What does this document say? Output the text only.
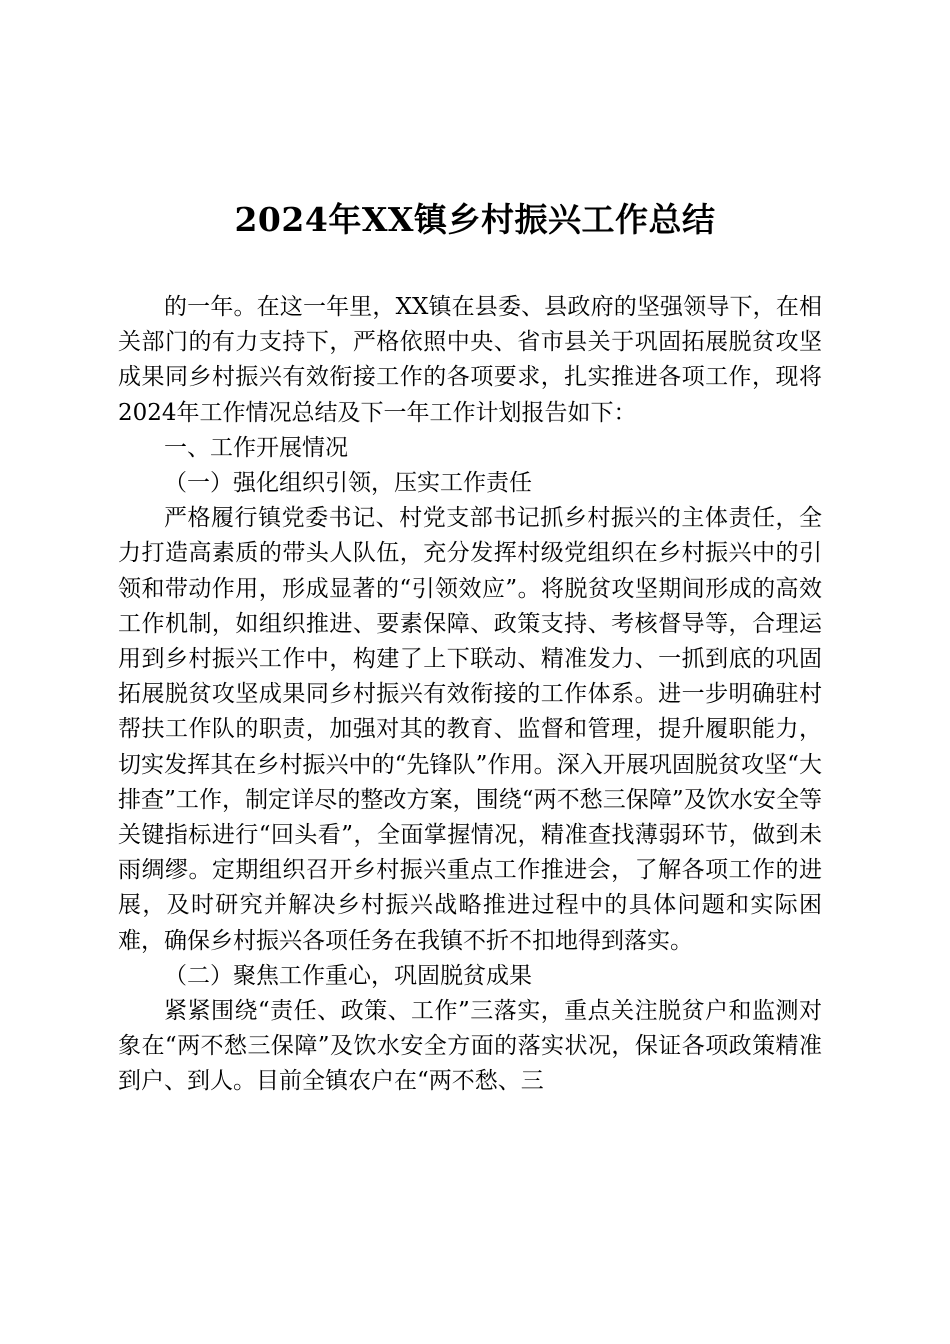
2024年XX镇乡村振兴工作总结

的一年。在这一年里，XX镇在县委、县政府的坚强领导下，在相关部门的有力支持下，严格依照中央、省市县关于巩固拓展脱贫攻坚成果同乡村振兴有效衔接工作的各项要求，扎实推进各项工作，现将2024年工作情况总结及下一年工作计划报告如下：

一、工作开展情况

（一）强化组织引领，压实工作责任

严格履行镇党委书记、村党支部书记抓乡村振兴的主体责任，全力打造高素质的带头人队伍，充分发挥村级党组织在乡村振兴中的引领和带动作用，形成显著的“引领效应”。将脱贫攻坚期间形成的高效工作机制，如组织推进、要素保障、政策支持、考核督导等，合理运用到乡村振兴工作中，构建了上下联动、精准发力、一抓到底的巩固拓展脱贫攻坚成果同乡村振兴有效衔接的工作体系。进一步明确驻村帮扶工作队的职责，加强对其的教育、监督和管理，提升履职能力，切实发挥其在乡村振兴中的“先锋队”作用。深入开展巩固脱贫攻坚“大排查”工作，制定详尽的整改方案，围绕“两不愁三保障”及饮水安全等关键指标进行“回头看”，全面掌握情况，精准查找薄弱环节，做到未雨绸缪。定期组织召开乡村振兴重点工作推进会，了解各项工作的进展，及时研究并解决乡村振兴战略推进过程中的具体问题和实际困难，确保乡村振兴各项任务在我镇不折不扣地得到落实。

（二）聚焦工作重心，巩固脱贫成果

紧紧围绕“责任、政策、工作”三落实，重点关注脱贫户和监测对象在“两不愁三保障”及饮水安全方面的落实状况，保证各项政策精准到户、到人。目前全镇农户在“两不愁、三
